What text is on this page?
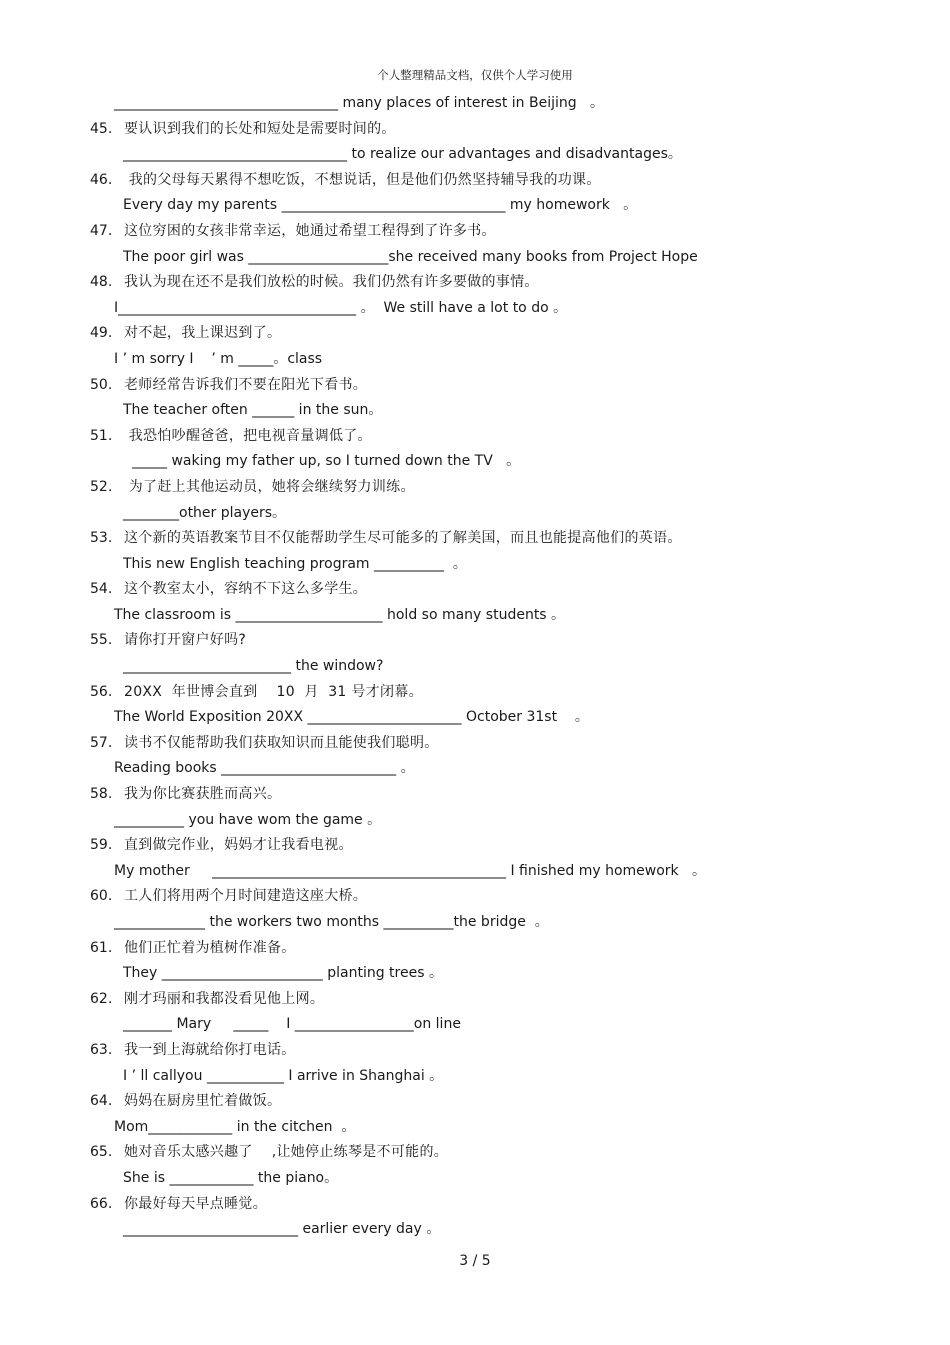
个人整理精品文档，仅供个人学习使用
________________________________ many places of interest in Beijing   。
45. 要认识到我们的长处和短处是需要时间的。
________________________________ to realize our advantages and disadvantages。
46. 我的父母每天累得不想吃饭，不想说话，但是他们仍然坚持辅导我的功课。
Every day my parents ________________________________ my homework   。
47. 这位穷困的女孩非常幸运，她通过希望工程得到了许多书。
The poor girl was ____________________she received many books from Project Hope
48. 我认为现在还不是我们放松的时候。我们仍然有许多要做的事情。
I__________________________________ 。  We still have a lot to do 。
49. 对不起，我上课迟到了。
I ’ m sorry I    ’ m _____。class
50. 老师经常告诉我们不要在阳光下看书。
The teacher often ______ in the sun。
51. 我恐怕吵醒爸爸，把电视音量调低了。
_____ waking my father up, so I turned down the TV   。
52. 为了赶上其他运动员，她将会继续努力训练。
________other players。
53. 这个新的英语教案节目不仅能帮助学生尽可能多的了解美国，而且也能提高他们的英语。
This new English teaching program __________  。
54. 这个教室太小，容纳不下这么多学生。
The classroom is _____________________ hold so many students 。
55. 请你打开窗户好吗?
________________________ the window?
56. 20XX  年世博会直到    10  月  31 号才闭幕。
The World Exposition 20XX ______________________ October 31st    。
57. 读书不仅能帮助我们获取知识而且能使我们聪明。
Reading books _________________________ 。
58. 我为你比赛获胜而高兴。
__________ you have wom the game 。
59. 直到做完作业，妈妈才让我看电视。
My mother     __________________________________________ I finished my homework   。
60. 工人们将用两个月时间建造这座大桥。
_____________ the workers two months __________the bridge  。
61. 他们正忙着为植树作准备。
They _______________________ planting trees 。
62. 刚才玛丽和我都没看见他上网。
_______ Mary     _____    I _________________on line
63. 我一到上海就给你打电话。
I ’ ll callyou ___________ I arrive in Shanghai 。
64. 妈妈在厨房里忙着做饭。
Mom____________ in the citchen  。
65. 她对音乐太感兴趣了    ,让她停止练琴是不可能的。
She is ____________ the piano。
66. 你最好每天早点睡觉。
_________________________ earlier every day 。
3 / 5
